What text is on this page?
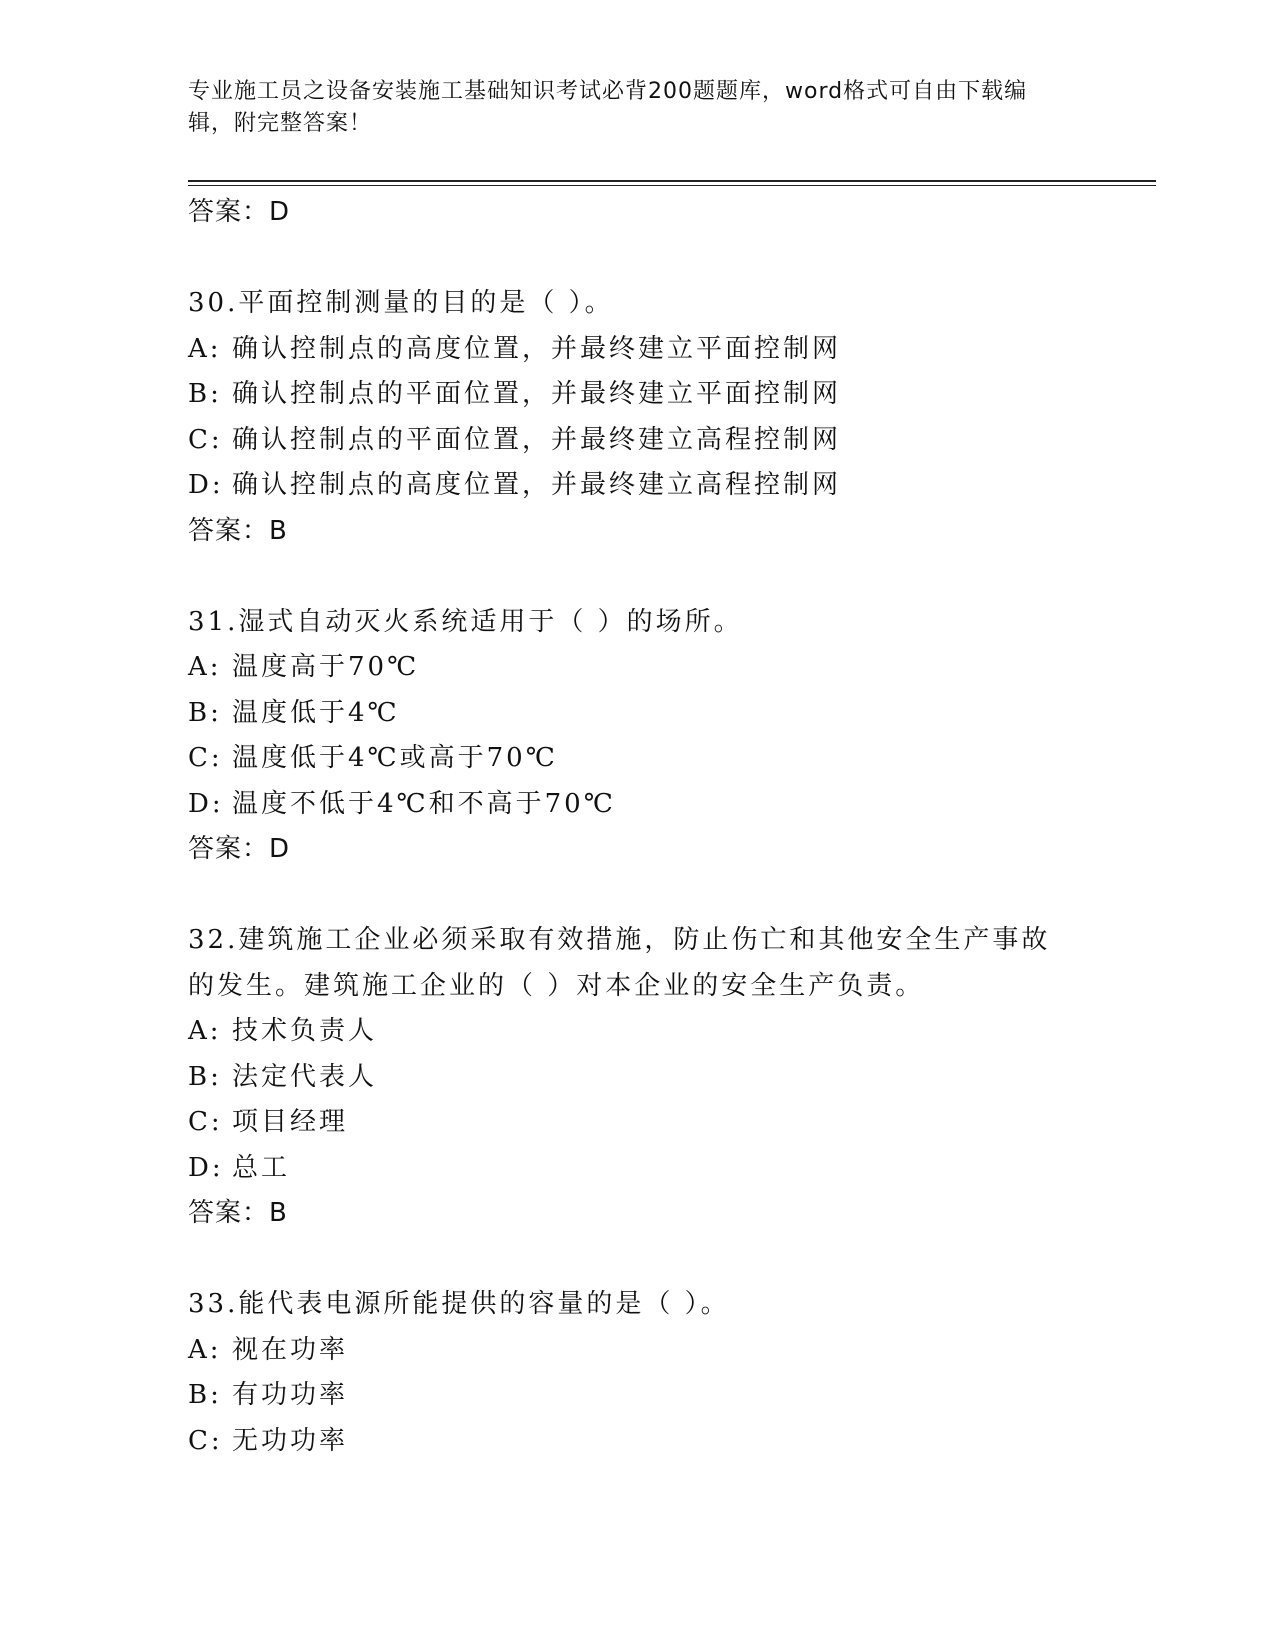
专业施工员之设备安装施工基础知识考试必背200题题库，word格式可自由下载编辑，附完整答案！
答案：D
30.平面控制测量的目的是（ ）。
A: 确认控制点的高度位置，并最终建立平面控制网
B: 确认控制点的平面位置，并最终建立平面控制网
C: 确认控制点的平面位置，并最终建立高程控制网
D: 确认控制点的高度位置，并最终建立高程控制网
答案：B
31.湿式自动灭火系统适用于（ ）的场所。
A: 温度高于70℃
B: 温度低于4℃
C: 温度低于4℃或高于70℃
D: 温度不低于4℃和不高于70℃
答案：D
32.建筑施工企业必须采取有效措施，防止伤亡和其他安全生产事故的发生。建筑施工企业的（ ）对本企业的安全生产负责。
A: 技术负责人
B: 法定代表人
C: 项目经理
D: 总工
答案：B
33.能代表电源所能提供的容量的是（ ）。
A: 视在功率
B: 有功功率
C: 无功功率
